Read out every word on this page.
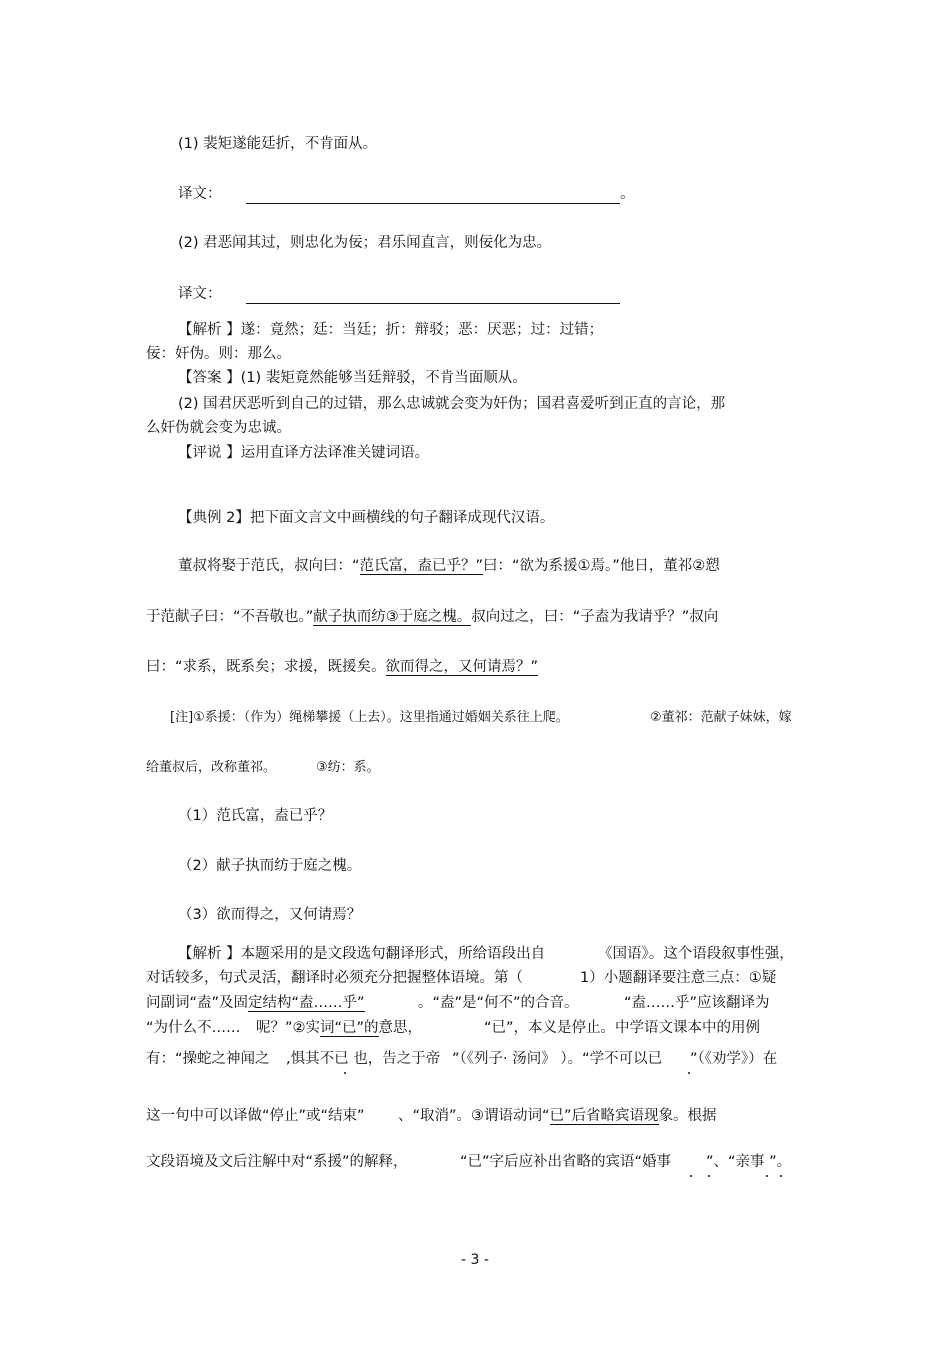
(1) 裴矩遂能廷折，不肯面从。
译文：	。
(2) 君恶闻其过，则忠化为佞；君乐闻直言，则佞化为忠。
译文：
【解析 】遂：竟然；廷：当廷；折：辩驳；恶：厌恶；过：过错；
佞：奸伪。则：那么。
【答案 】(1) 裴矩竟然能够当廷辩驳，不肯当面顺从。
(2) 国君厌恶听到自己的过错，那么忠诚就会变为奸伪；国君喜爱听到正直的言论，那
么奸伪就会变为忠诚。
【评说 】运用直译方法译准关键词语。
【典例 2】把下面文言文中画横线的句子翻译成现代汉语。
董叔将娶于范氏，叔向曰：“范氏富，盍已乎？”曰：“欲为系援①焉。”他日，董祁②愬
于范献子曰：“不吾敬也。”献子执而纺③于庭之槐。叔向过之，曰：“子盍为我请乎？”叔向
曰：“求系，既系矣；求援，既援矣。欲而得之，又何请焉？”
[注]①系援：（作为）绳梯攀援（上去）。这里指通过婚姻关系往上爬。	②董祁：范献子妹妹，嫁
给董叔后，改称董祁。	③纺：系。
（1）范氏富，盍已乎？
（2）献子执而纺于庭之槐。
（3）欲而得之，又何请焉？
【解析 】本题采用的是文段选句翻译形式，所给语段出自	《国语》。这个语段叙事性强，
对话较多，句式灵活，翻译时必须充分把握整体语境。第（	1）小题翻译要注意三点：①疑
问副词“盍”及固定结构“盍……乎”	。“盍”是“何不”的合音。	“盍……乎”应该翻译为
“为什么不…… 呢？”②实词“已”的意思，	“已”，本义是停止。中学语文课本中的用例
有：“操蛇之神闻之 ,惧其不已 也，告之于帝 ”（《列子· 汤问》 ）。“学不可以已 ”（《劝学》）在
这一句中可以译做“停止”或“结束” 、“取消”。③谓语动词“已”后省略宾语现象。根据
文段语境及文后注解中对“系援”的解释，	“已”字后应补出省略的宾语“婚事 ”、“亲事 ”。
- 3 -
